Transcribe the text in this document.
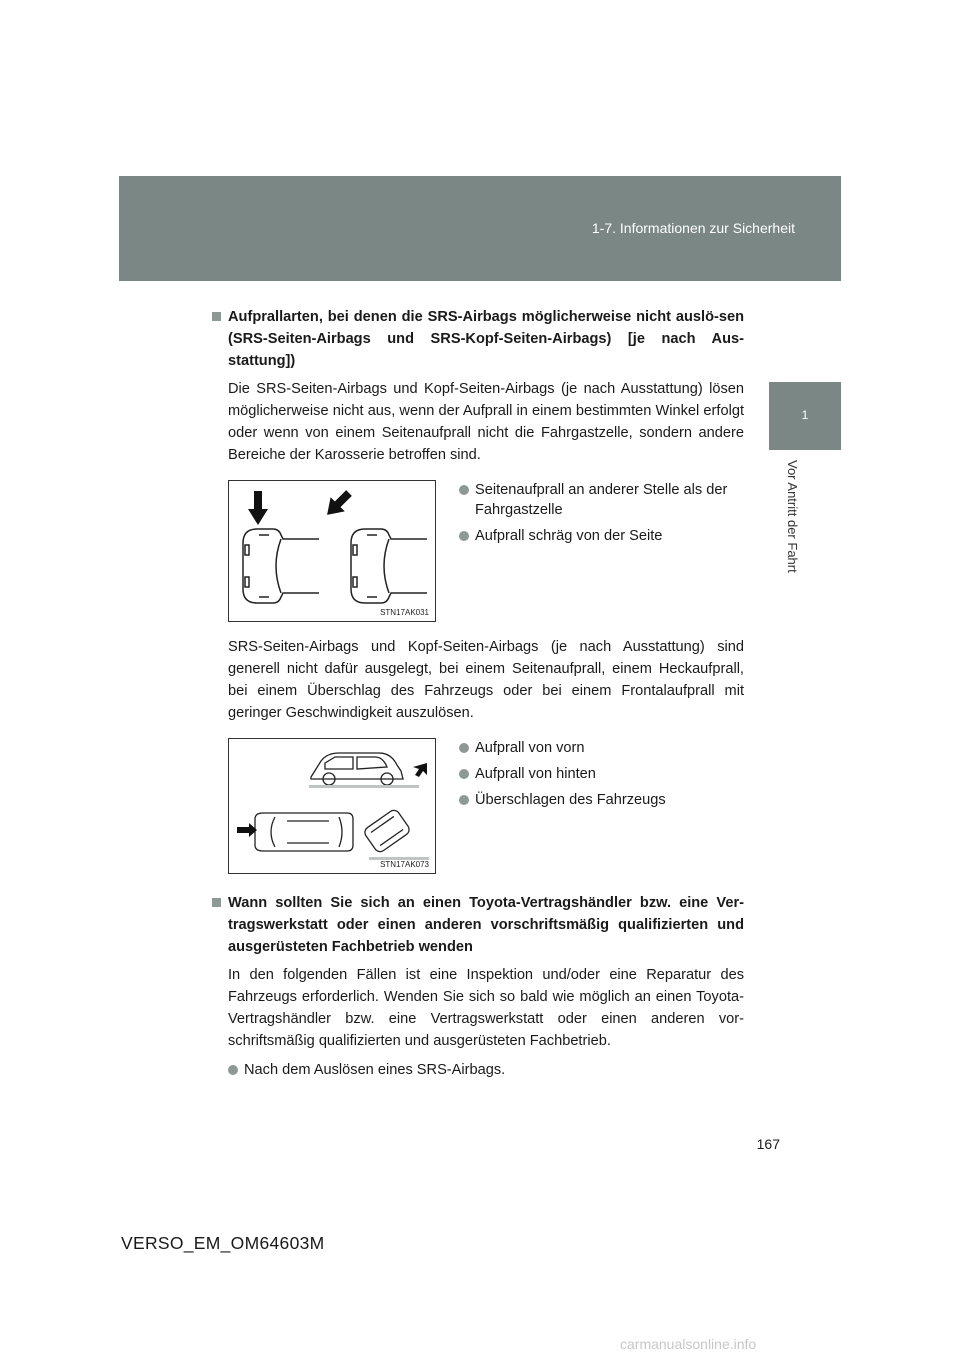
1-7. Informationen zur Sicherheit
1
Vor Antritt der Fahrt
Aufprallarten, bei denen die SRS-Airbags möglicherweise nicht auslö-sen (SRS-Seiten-Airbags und SRS-Kopf-Seiten-Airbags) [je nach Aus-stattung])

Die SRS-Seiten-Airbags und Kopf-Seiten-Airbags (je nach Ausstattung) lösen möglicherweise nicht aus, wenn der Aufprall in einem bestimmten Winkel erfolgt oder wenn von einem Seitenaufprall nicht die Fahrgastzelle, sondern andere Bereiche der Karosserie betroffen sind.

STN17AK031
Seitenaufprall an anderer Stelle als der Fahrgastzelle
Aufprall schräg von der Seite

SRS-Seiten-Airbags und Kopf-Seiten-Airbags (je nach Ausstattung) sind generell nicht dafür ausgelegt, bei einem Seitenaufprall, einem Heckaufprall, bei einem Überschlag des Fahrzeugs oder bei einem Frontalaufprall mit geringer Geschwindigkeit auszulösen.

STN17AK073
Aufprall von vorn
Aufprall von hinten
Überschlagen des Fahrzeugs
Wann sollten Sie sich an einen Toyota-Vertragshändler bzw. eine Ver-tragswerkstatt oder einen anderen vorschriftsmäßig qualifizierten und ausgerüsteten Fachbetrieb wenden

In den folgenden Fällen ist eine Inspektion und/oder eine Reparatur des Fahrzeugs erforderlich. Wenden Sie sich so bald wie möglich an einen Toyota-Vertragshändler bzw. eine Vertragswerkstatt oder einen anderen vor-schriftsmäßig qualifizierten und ausgerüsteten Fachbetrieb.

Nach dem Auslösen eines SRS-Airbags.
167
VERSO_EM_OM64603M
carmanualsonline.info
